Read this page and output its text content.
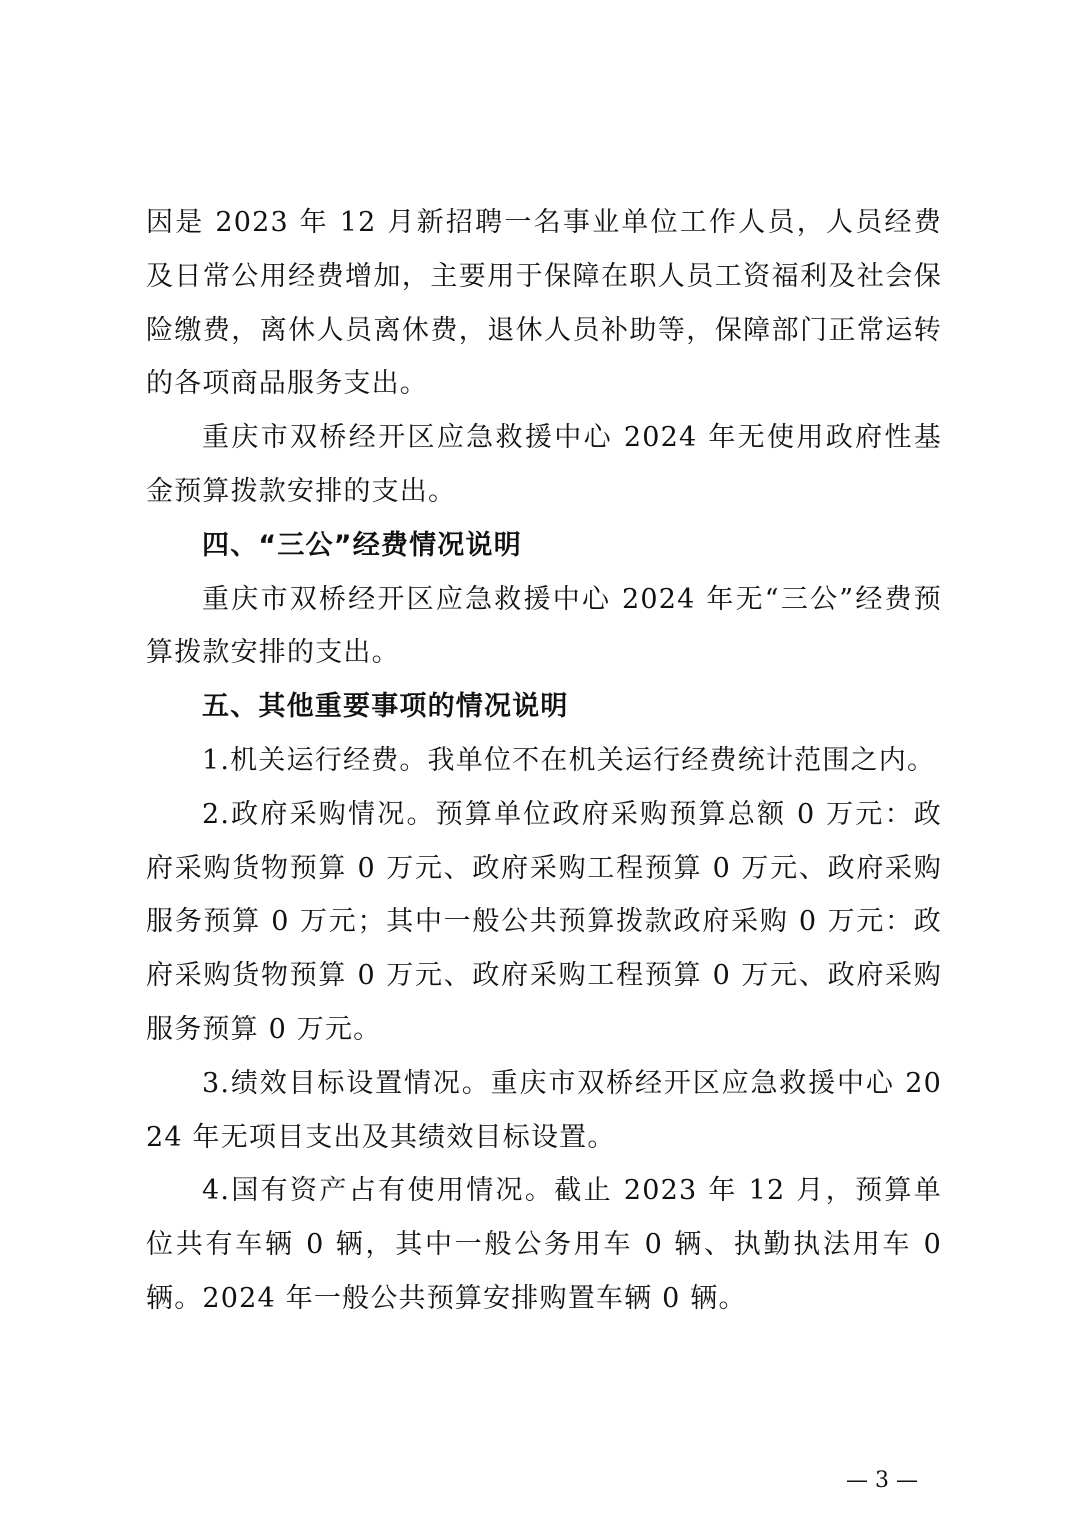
因是 2023 年 12 月新招聘一名事业单位工作人员，人员经费及日常公用经费增加，主要用于保障在职人员工资福利及社会保险缴费，离休人员离休费，退休人员补助等，保障部门正常运转的各项商品服务支出。

重庆市双桥经开区应急救援中心 2024 年无使用政府性基金预算拨款安排的支出。

四、“三公”经费情况说明

重庆市双桥经开区应急救援中心 2024 年无“三公”经费预算拨款安排的支出。

五、其他重要事项的情况说明

1.机关运行经费。我单位不在机关运行经费统计范围之内。

2.政府采购情况。预算单位政府采购预算总额 0 万元：政府采购货物预算 0 万元、政府采购工程预算 0 万元、政府采购服务预算 0 万元；其中一般公共预算拨款政府采购 0 万元：政府采购货物预算 0 万元、政府采购工程预算 0 万元、政府采购服务预算 0 万元。

3.绩效目标设置情况。重庆市双桥经开区应急救援中心 2024 年无项目支出及其绩效目标设置。

4.国有资产占有使用情况。截止 2023 年 12 月，预算单位共有车辆 0 辆，其中一般公务用车 0 辆、执勤执法用车 0 辆。2024 年一般公共预算安排购置车辆 0 辆。

— 3 —
